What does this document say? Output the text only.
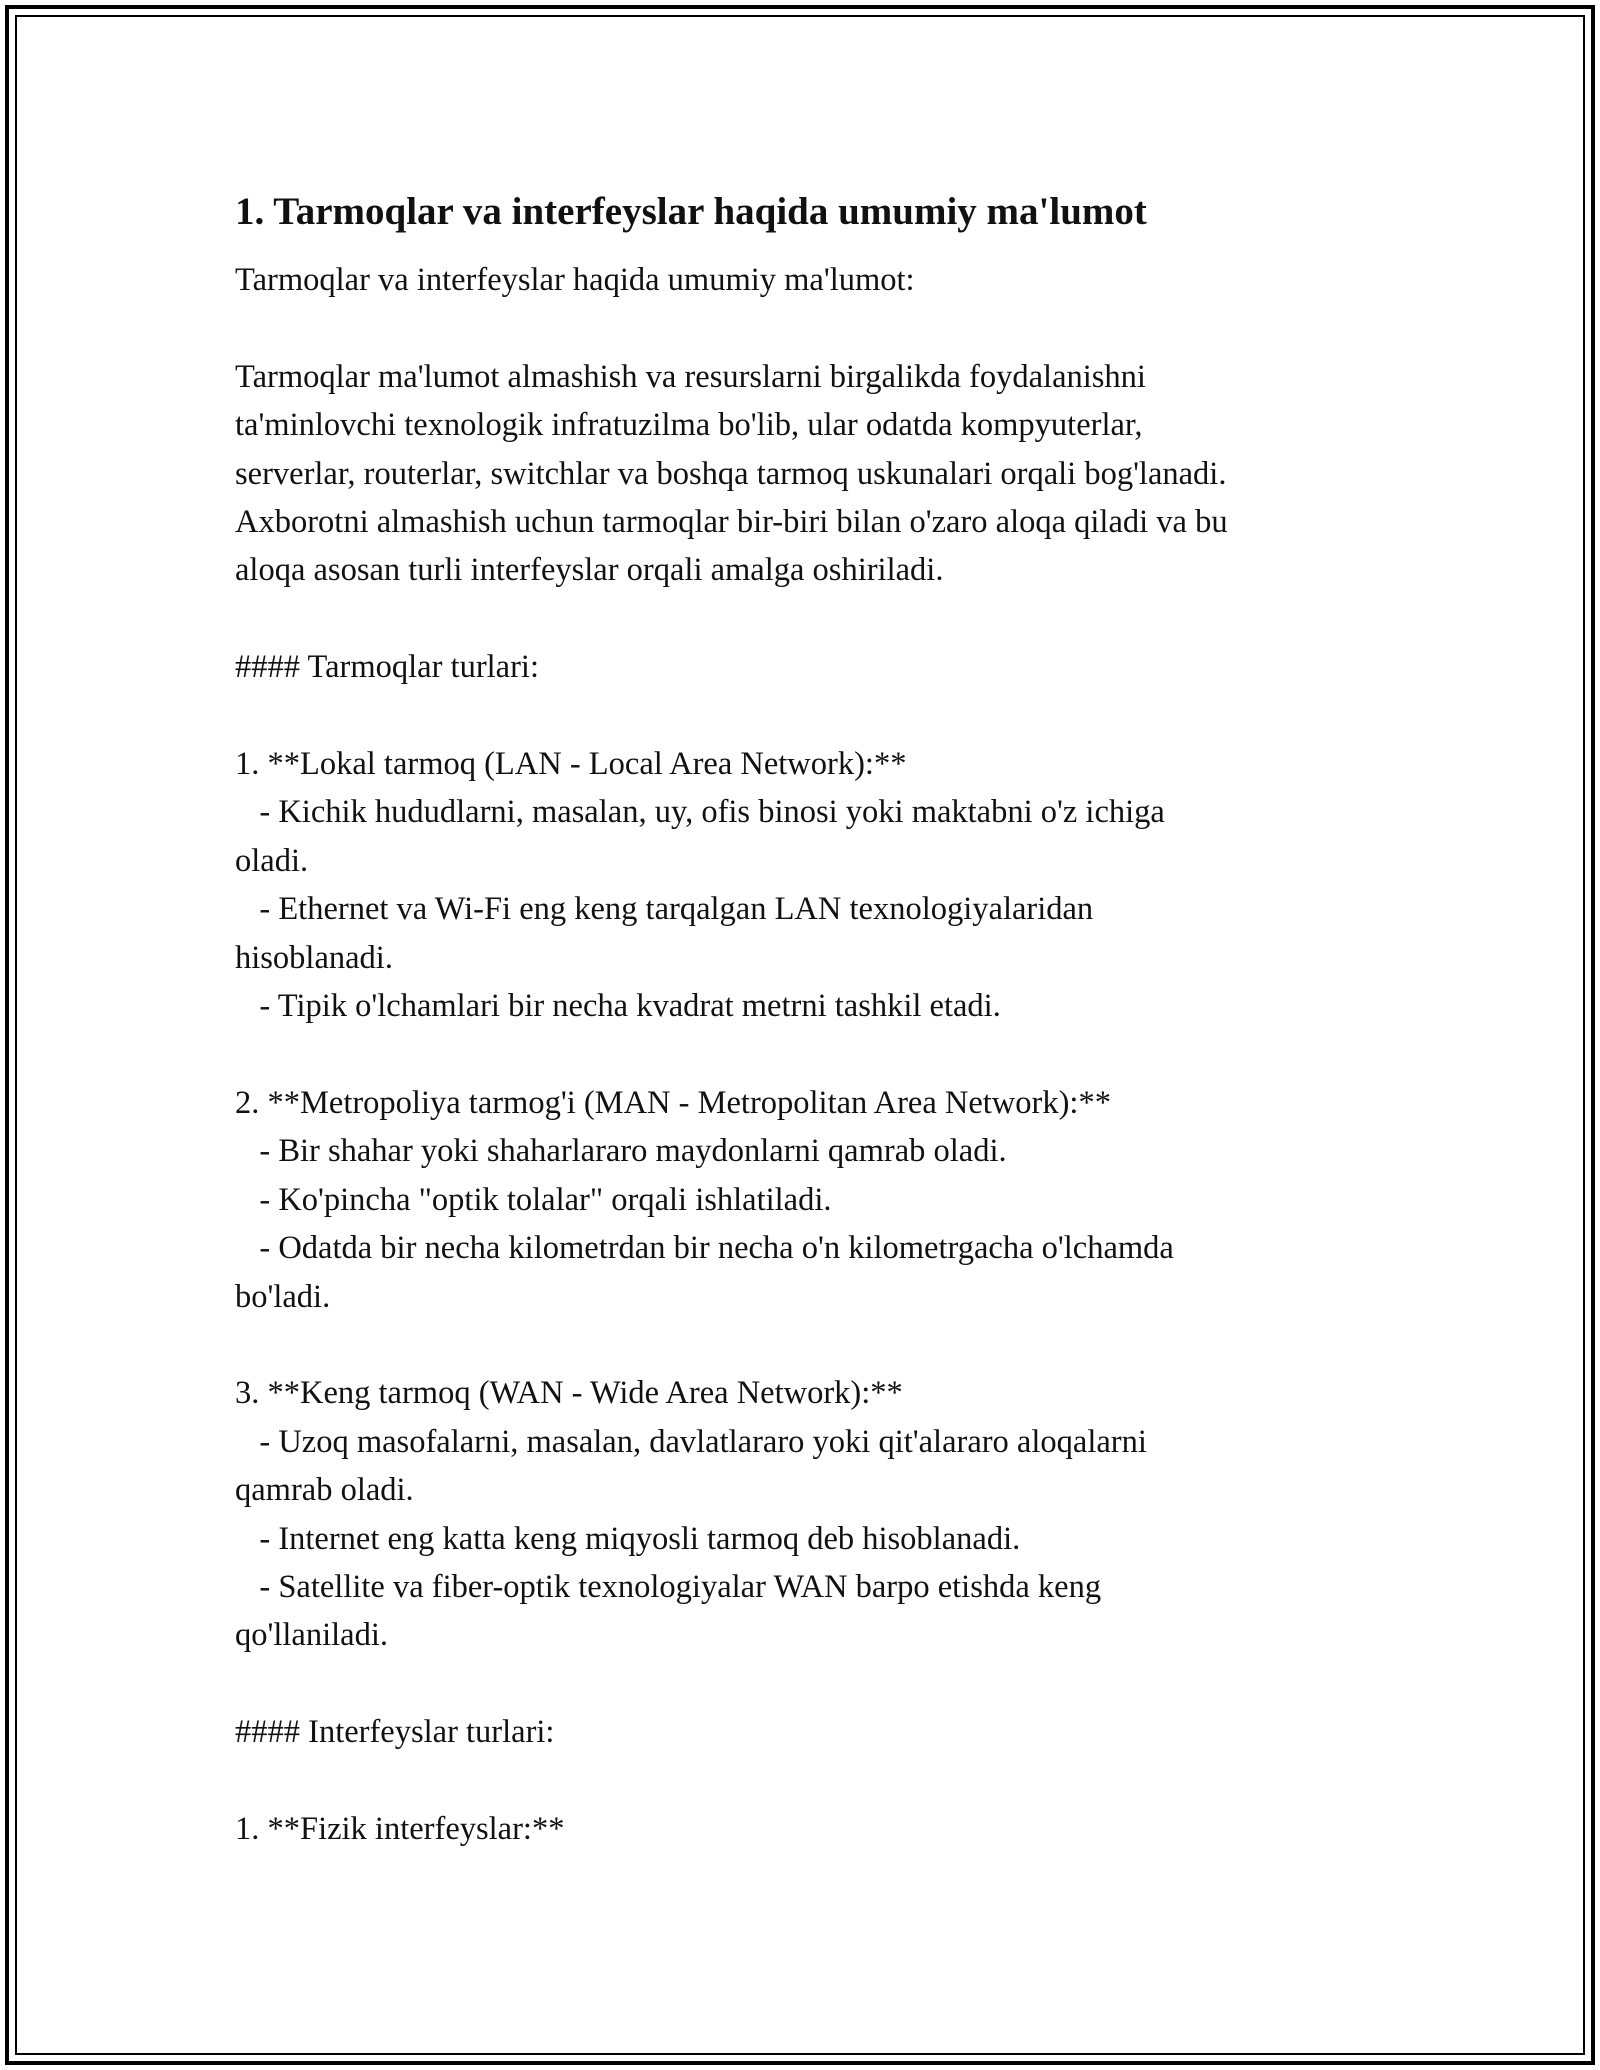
1. Tarmoqlar va interfeyslar haqida umumiy ma'lumot
Tarmoqlar va interfeyslar haqida umumiy ma'lumot:

Tarmoqlar ma'lumot almashish va resurslarni birgalikda foydalanishni
ta'minlovchi texnologik infratuzilma bo'lib, ular odatda kompyuterlar,
serverlar, routerlar, switchlar va boshqa tarmoq uskunalari orqali bog'lanadi.
Axborotni almashish uchun tarmoqlar bir-biri bilan o'zaro aloqa qiladi va bu
aloqa asosan turli interfeyslar orqali amalga oshiriladi.

#### Tarmoqlar turlari:

1. **Lokal tarmoq (LAN - Local Area Network):**
- Kichik hududlarni, masalan, uy, ofis binosi yoki maktabni o'z ichiga
oladi.
- Ethernet va Wi-Fi eng keng tarqalgan LAN texnologiyalaridan
hisoblanadi.
- Tipik o'lchamlari bir necha kvadrat metrni tashkil etadi.

2. **Metropoliya tarmog'i (MAN - Metropolitan Area Network):**
- Bir shahar yoki shaharlararo maydonlarni qamrab oladi.
- Ko'pincha "optik tolalar" orqali ishlatiladi.
- Odatda bir necha kilometrdan bir necha o'n kilometrgacha o'lchamda
bo'ladi.

3. **Keng tarmoq (WAN - Wide Area Network):**
- Uzoq masofalarni, masalan, davlatlararo yoki qit'alararo aloqalarni
qamrab oladi.
- Internet eng katta keng miqyosli tarmoq deb hisoblanadi.
- Satellite va fiber-optik texnologiyalar WAN barpo etishda keng
qo'llaniladi.

#### Interfeyslar turlari:

1. **Fizik interfeyslar:**
